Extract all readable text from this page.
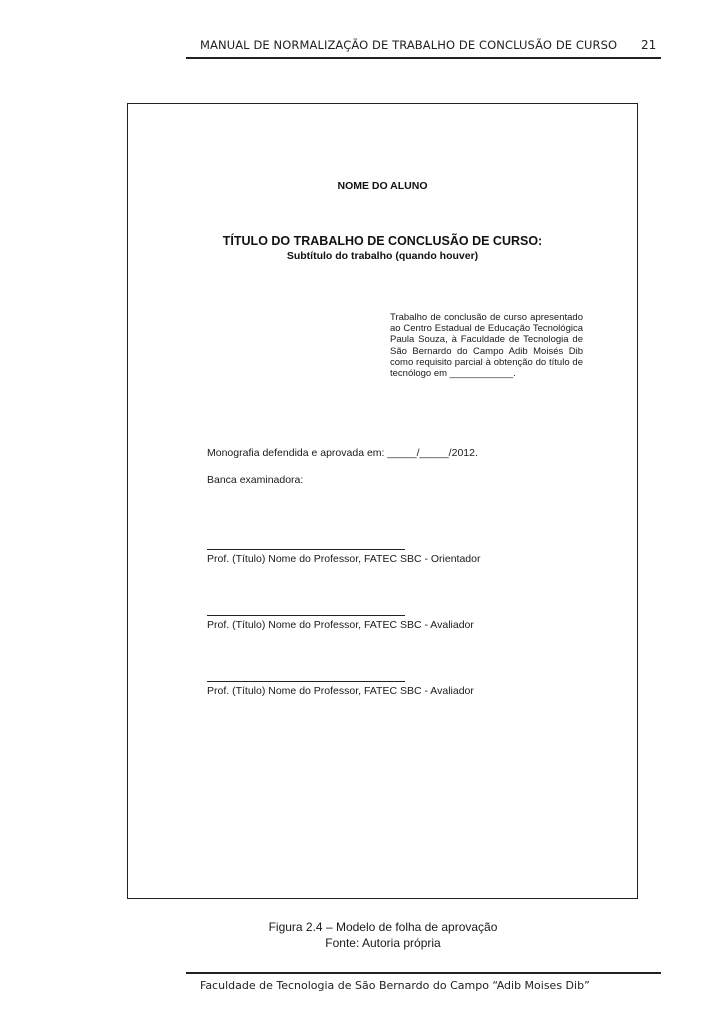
MANUAL DE NORMALIZAÇÃO DE TRABALHO DE CONCLUSÃO DE CURSO 21
NOME DO ALUNO
TÍTULO DO TRABALHO DE CONCLUSÃO DE CURSO:
Subtítulo do trabalho (quando houver)
Trabalho de conclusão de curso apresentado ao Centro Estadual de Educação Tecnológica Paula Souza, à Faculdade de Tecnologia de São Bernardo do Campo Adib Moisés Dib como requisito parcial à obtenção do título de tecnólogo em ____________.
Monografia defendida e aprovada em: _____/_____/2012.
Banca examinadora:
Prof. (Título) Nome do Professor, FATEC SBC - Orientador
Prof. (Título) Nome do Professor, FATEC SBC - Avaliador
Prof. (Título) Nome do Professor, FATEC SBC - Avaliador
Figura 2.4 – Modelo de folha de aprovação
Fonte: Autoria própria
Faculdade de Tecnologia de São Bernardo do Campo “Adib Moises Dib”
